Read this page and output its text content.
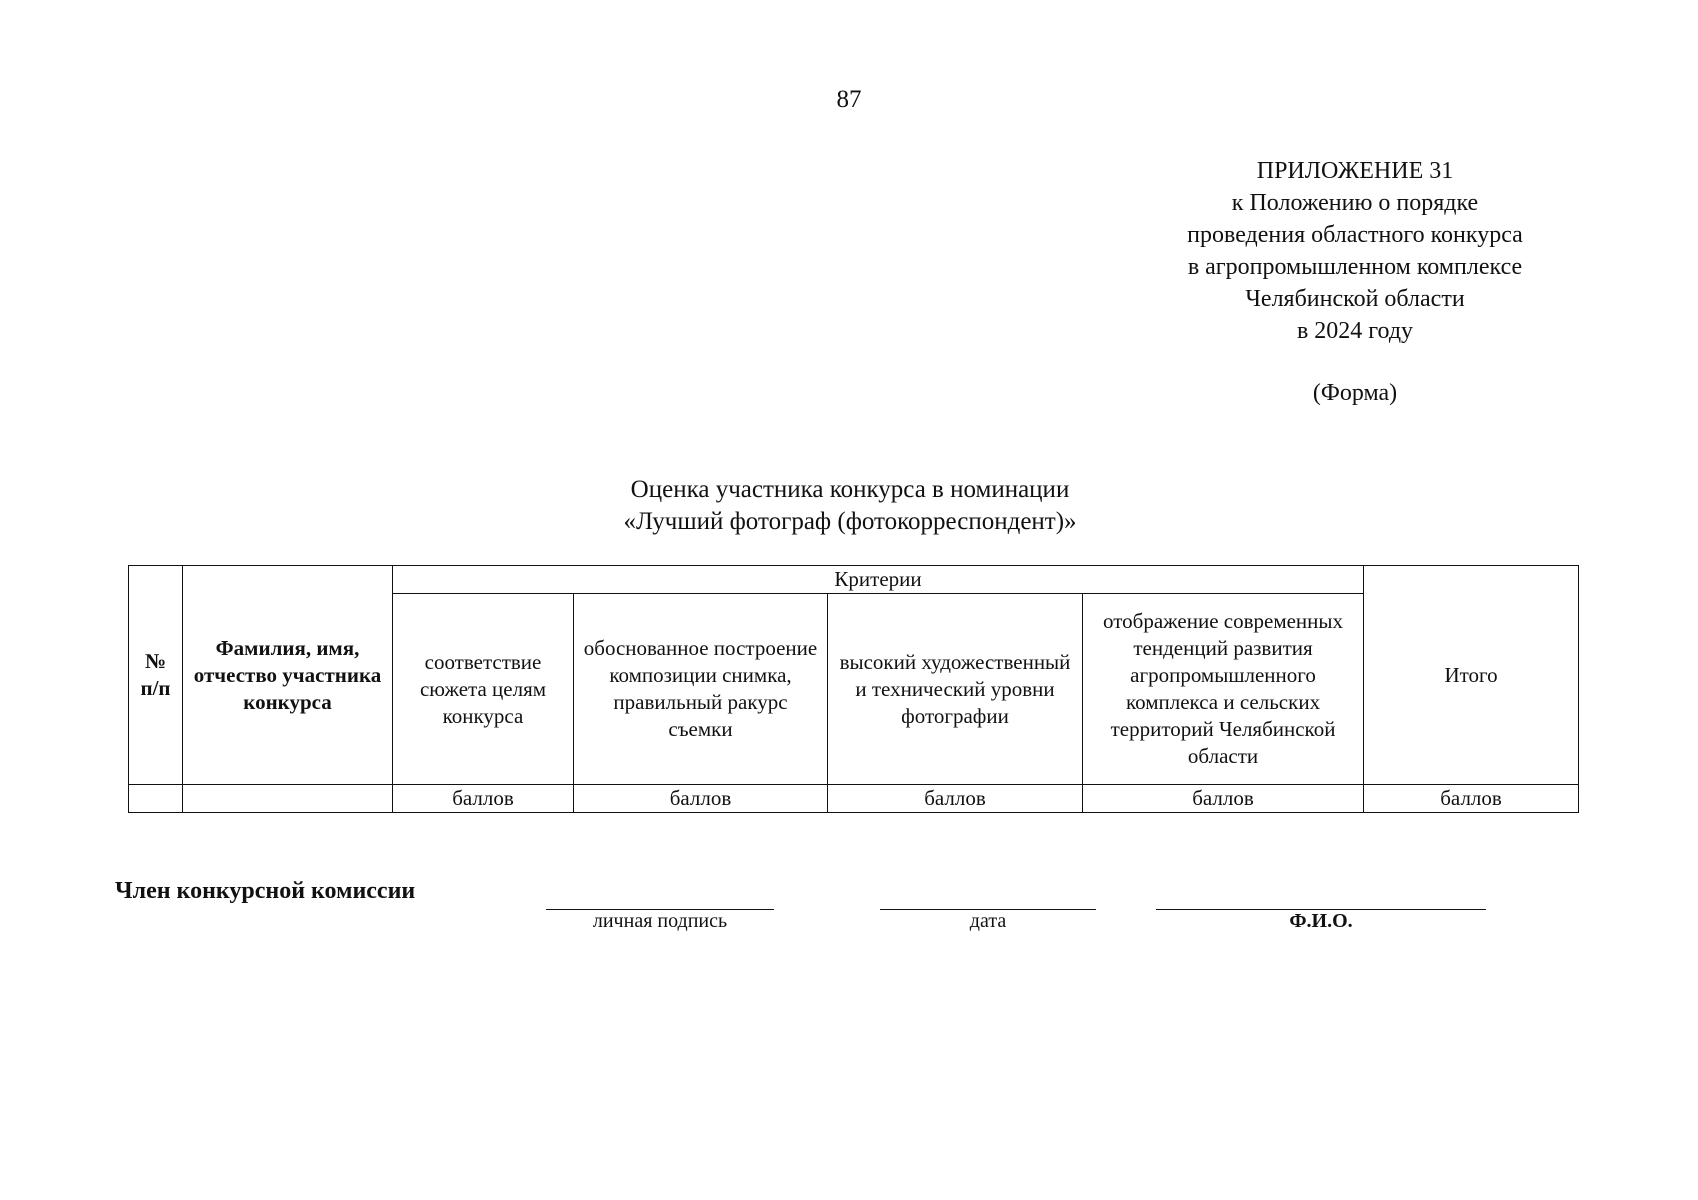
87
ПРИЛОЖЕНИЕ 31
к Положению о порядке
проведения областного конкурса
в агропромышленном комплексе
Челябинской области
в 2024 году
(Форма)
Оценка участника конкурса в номинации
«Лучший фотограф (фотокорреспондент)»
№ п/п	Фамилия, имя, отчество участника конкурса	Критерии				Итого
		соответствие сюжета целям конкурса	обоснованное построение композиции снимка, правильный ракурс съемки	высокий художественный и технический уровни фотографии	отображение современных тенденций развития агропромышленного комплекса и сельских территорий Челябинской области	
		баллов	баллов	баллов	баллов	баллов
Член конкурсной комиссии
личная подпись	дата	Ф.И.О.
